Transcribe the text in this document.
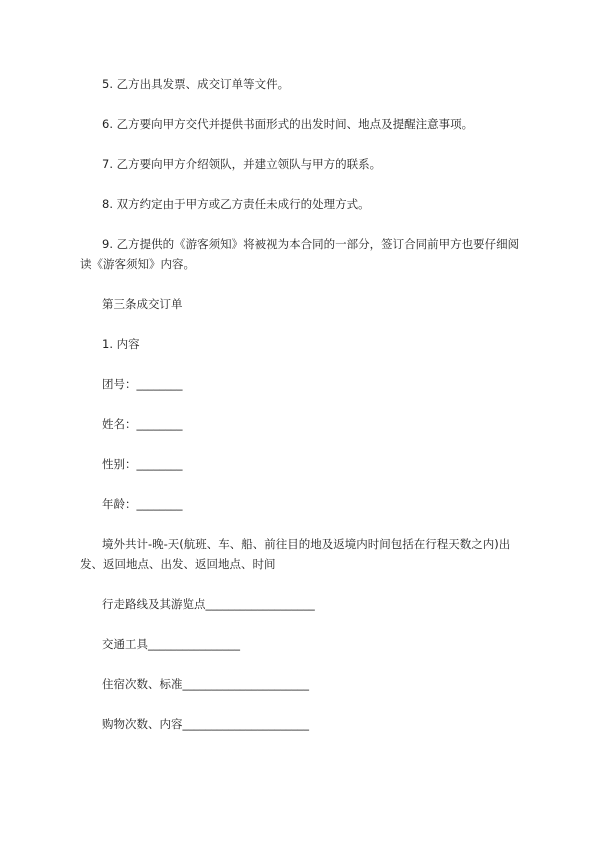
5. 乙方出具发票、成交订单等文件。

6. 乙方要向甲方交代并提供书面形式的出发时间、地点及提醒注意事项。

7. 乙方要向甲方介绍领队，并建立领队与甲方的联系。

8. 双方约定由于甲方或乙方责任未成行的处理方式。

9. 乙方提供的《游客须知》将被视为本合同的一部分，签订合同前甲方也要仔细阅读《游客须知》内容。

第三条成交订单

1. 内容

团号：________

姓名：________

性别：________

年龄：________

境外共计-晚-天(航班、车、船、前往目的地及返境内时间包括在行程天数之内)出发、返回地点、出发、返回地点、时间

行走路线及其游览点___________________

交通工具________________

住宿次数、标准______________________

购物次数、内容______________________
